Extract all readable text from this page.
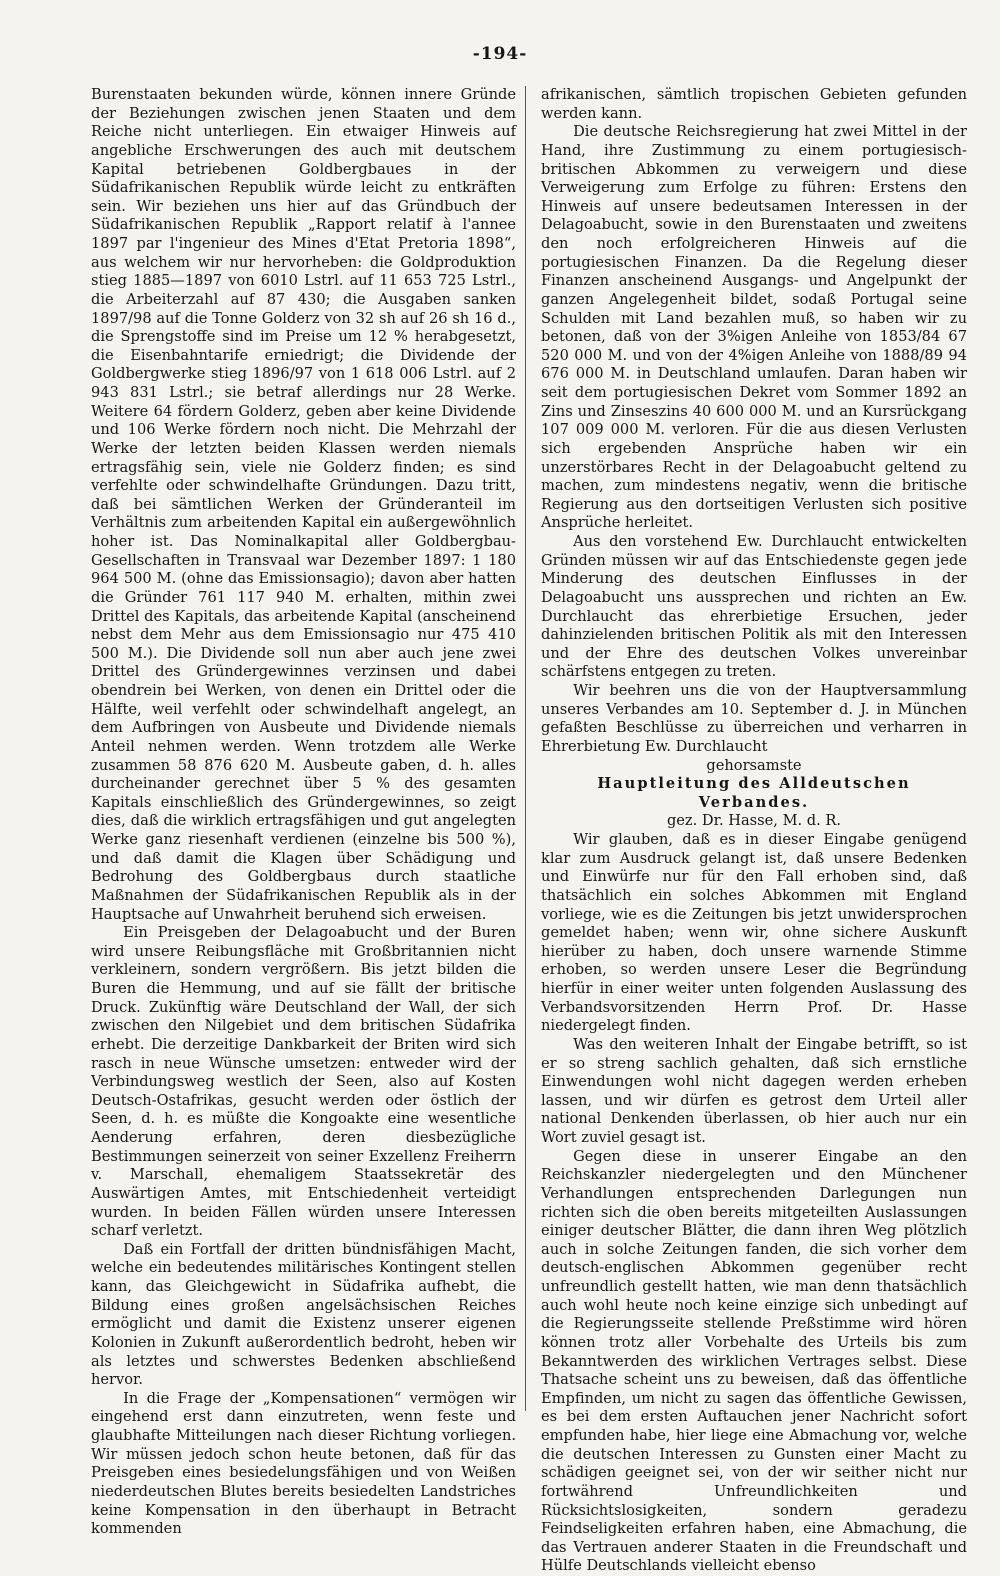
-194-

Burenstaaten bekunden würde, können innere Gründe der Beziehungen zwischen jenen Staaten und dem Reiche nicht unterliegen. Ein etwaiger Hinweis auf angebliche Erschwerungen des auch mit deutschem Kapital betriebenen Goldbergbaues in der Südafrikanischen Republik würde leicht zu entkräften sein. Wir beziehen uns hier auf das Gründbuch der Südafrikanischen Republik „Rapport relatif à l'annee 1897 par l'ingenieur des Mines d'Etat Pretoria 1898“, aus welchem wir nur hervorheben: die Goldproduktion stieg 1885—1897 von 6010 Lstrl. auf 11 653 725 Lstrl., die Arbeiterzahl auf 87 430; die Ausgaben sanken 1897/98 auf die Tonne Golderz von 32 sh auf 26 sh 16 d., die Sprengstoffe sind im Preise um 12 % herabgesetzt, die Eisenbahntarife erniedrigt; die Dividende der Goldbergwerke stieg 1896/97 von 1 618 006 Lstrl. auf 2 943 831 Lstrl.; sie betraf allerdings nur 28 Werke. Weitere 64 fördern Golderz, geben aber keine Dividende und 106 Werke fördern noch nicht. Die Mehrzahl der Werke der letzten beiden Klassen werden niemals ertragsfähig sein, viele nie Golderz finden; es sind verfehlte oder schwindelhafte Gründungen. Dazu tritt, daß bei sämtlichen Werken der Gründeranteil im Verhältnis zum arbeitenden Kapital ein außergewöhnlich hoher ist. Das Nominalkapital aller Goldbergbau-Gesellschaften in Transvaal war Dezember 1897: 1 180 964 500 M. (ohne das Emissionsagio); davon aber hatten die Gründer 761 117 940 M. erhalten, mithin zwei Drittel des Kapitals, das arbeitende Kapital (anscheinend nebst dem Mehr aus dem Emissionsagio nur 475 410 500 M.). Die Dividende soll nun aber auch jene zwei Drittel des Gründergewinnes verzinsen und dabei obendrein bei Werken, von denen ein Drittel oder die Hälfte, weil verfehlt oder schwindelhaft angelegt, an dem Aufbringen von Ausbeute und Dividende niemals Anteil nehmen werden. Wenn trotzdem alle Werke zusammen 58 876 620 M. Ausbeute gaben, d. h. alles durcheinander gerechnet über 5 % des gesamten Kapitals einschließlich des Gründergewinnes, so zeigt dies, daß die wirklich ertragsfähigen und gut angelegten Werke ganz riesenhaft verdienen (einzelne bis 500 %), und daß damit die Klagen über Schädigung und Bedrohung des Goldbergbaus durch staatliche Maßnahmen der Südafrikanischen Republik als in der Hauptsache auf Unwahrheit beruhend sich erweisen.

Ein Preisgeben der Delagoabucht und der Buren wird unsere Reibungsfläche mit Großbritannien nicht verkleinern, sondern vergrößern. Bis jetzt bilden die Buren die Hemmung, und auf sie fällt der britische Druck. Zukünftig wäre Deutschland der Wall, der sich zwischen den Nilgebiet und dem britischen Südafrika erhebt. Die derzeitige Dankbarkeit der Briten wird sich rasch in neue Wünsche umsetzen: entweder wird der Verbindungsweg westlich der Seen, also auf Kosten Deutsch-Ostafrikas, gesucht werden oder östlich der Seen, d. h. es müßte die Kongoakte eine wesentliche Aenderung erfahren, deren diesbezügliche Bestimmungen seinerzeit von seiner Exzellenz Freiherrn v. Marschall, ehemaligem Staatssekretär des Auswärtigen Amtes, mit Entschiedenheit verteidigt wurden. In beiden Fällen würden unsere Interessen scharf verletzt.

Daß ein Fortfall der dritten bündnisfähigen Macht, welche ein bedeutendes militärisches Kontingent stellen kann, das Gleichgewicht in Südafrika aufhebt, die Bildung eines großen angelsächsischen Reiches ermöglicht und damit die Existenz unserer eigenen Kolonien in Zukunft außerordentlich bedroht, heben wir als letztes und schwerstes Bedenken abschließend hervor.

In die Frage der „Kompensationen“ vermögen wir eingehend erst dann einzutreten, wenn feste und glaubhafte Mitteilungen nach dieser Richtung vorliegen. Wir müssen jedoch schon heute betonen, daß für das Preisgeben eines besiedelungsfähigen und von Weißen niederdeutschen Blutes bereits besiedelten Landstriches keine Kompensation in den überhaupt in Betracht kommenden

afrikanischen, sämtlich tropischen Gebieten gefunden werden kann.

Die deutsche Reichsregierung hat zwei Mittel in der Hand, ihre Zustimmung zu einem portugiesisch-britischen Abkommen zu verweigern und diese Verweigerung zum Erfolge zu führen: Erstens den Hinweis auf unsere bedeutsamen Interessen in der Delagoabucht, sowie in den Burenstaaten und zweitens den noch erfolgreicheren Hinweis auf die portugiesischen Finanzen. Da die Regelung dieser Finanzen anscheinend Ausgangs- und Angelpunkt der ganzen Angelegenheit bildet, sodaß Portugal seine Schulden mit Land bezahlen muß, so haben wir zu betonen, daß von der 3%igen Anleihe von 1853/84 67 520 000 M. und von der 4%igen Anleihe von 1888/89 94 676 000 M. in Deutschland umlaufen. Daran haben wir seit dem portugiesischen Dekret vom Sommer 1892 an Zins und Zinseszins 40 600 000 M. und an Kursrückgang 107 009 000 M. verloren. Für die aus diesen Verlusten sich ergebenden Ansprüche haben wir ein unzerstörbares Recht in der Delagoabucht geltend zu machen, zum mindestens negativ, wenn die britische Regierung aus den dortseitigen Verlusten sich positive Ansprüche herleitet.

Aus den vorstehend Ew. Durchlaucht entwickelten Gründen müssen wir auf das Entschiedenste gegen jede Minderung des deutschen Einflusses in der Delagoabucht uns aussprechen und richten an Ew. Durchlaucht das ehrerbietige Ersuchen, jeder dahinzielenden britischen Politik als mit den Interessen und der Ehre des deutschen Volkes unvereinbar schärfstens entgegen zu treten.

Wir beehren uns die von der Hauptversammlung unseres Verbandes am 10. September d. J. in München gefaßten Beschlüsse zu überreichen und verharren in Ehrerbietung Ew. Durchlaucht

gehorsamste

Hauptleitung des Alldeutschen Verbandes.

gez. Dr. Hasse, M. d. R.

Wir glauben, daß es in dieser Eingabe genügend klar zum Ausdruck gelangt ist, daß unsere Bedenken und Einwürfe nur für den Fall erhoben sind, daß thatsächlich ein solches Abkommen mit England vorliege, wie es die Zeitungen bis jetzt unwidersprochen gemeldet haben; wenn wir, ohne sichere Auskunft hierüber zu haben, doch unsere warnende Stimme erhoben, so werden unsere Leser die Begründung hierfür in einer weiter unten folgenden Auslassung des Verbandsvorsitzenden Herrn Prof. Dr. Hasse niedergelegt finden.

Was den weiteren Inhalt der Eingabe betrifft, so ist er so streng sachlich gehalten, daß sich ernstliche Einwendungen wohl nicht dagegen werden erheben lassen, und wir dürfen es getrost dem Urteil aller national Denkenden überlassen, ob hier auch nur ein Wort zuviel gesagt ist.

Gegen diese in unserer Eingabe an den Reichskanzler niedergelegten und den Münchener Verhandlungen entsprechenden Darlegungen nun richten sich die oben bereits mitgeteilten Auslassungen einiger deutscher Blätter, die dann ihren Weg plötzlich auch in solche Zeitungen fanden, die sich vorher dem deutsch-englischen Abkommen gegenüber recht unfreundlich gestellt hatten, wie man denn thatsächlich auch wohl heute noch keine einzige sich unbedingt auf die Regierungsseite stellende Preßstimme wird hören können trotz aller Vorbehalte des Urteils bis zum Bekanntwerden des wirklichen Vertrages selbst. Diese Thatsache scheint uns zu beweisen, daß das öffentliche Empfinden, um nicht zu sagen das öffentliche Gewissen, es bei dem ersten Auftauchen jener Nachricht sofort empfunden habe, hier liege eine Abmachung vor, welche die deutschen Interessen zu Gunsten einer Macht zu schädigen geeignet sei, von der wir seither nicht nur fortwährend Unfreundlichkeiten und Rücksichtslosigkeiten, sondern geradezu Feindseligkeiten erfahren haben, eine Abmachung, die das Vertrauen anderer Staaten in die Freundschaft und Hülfe Deutschlands vielleicht ebenso
